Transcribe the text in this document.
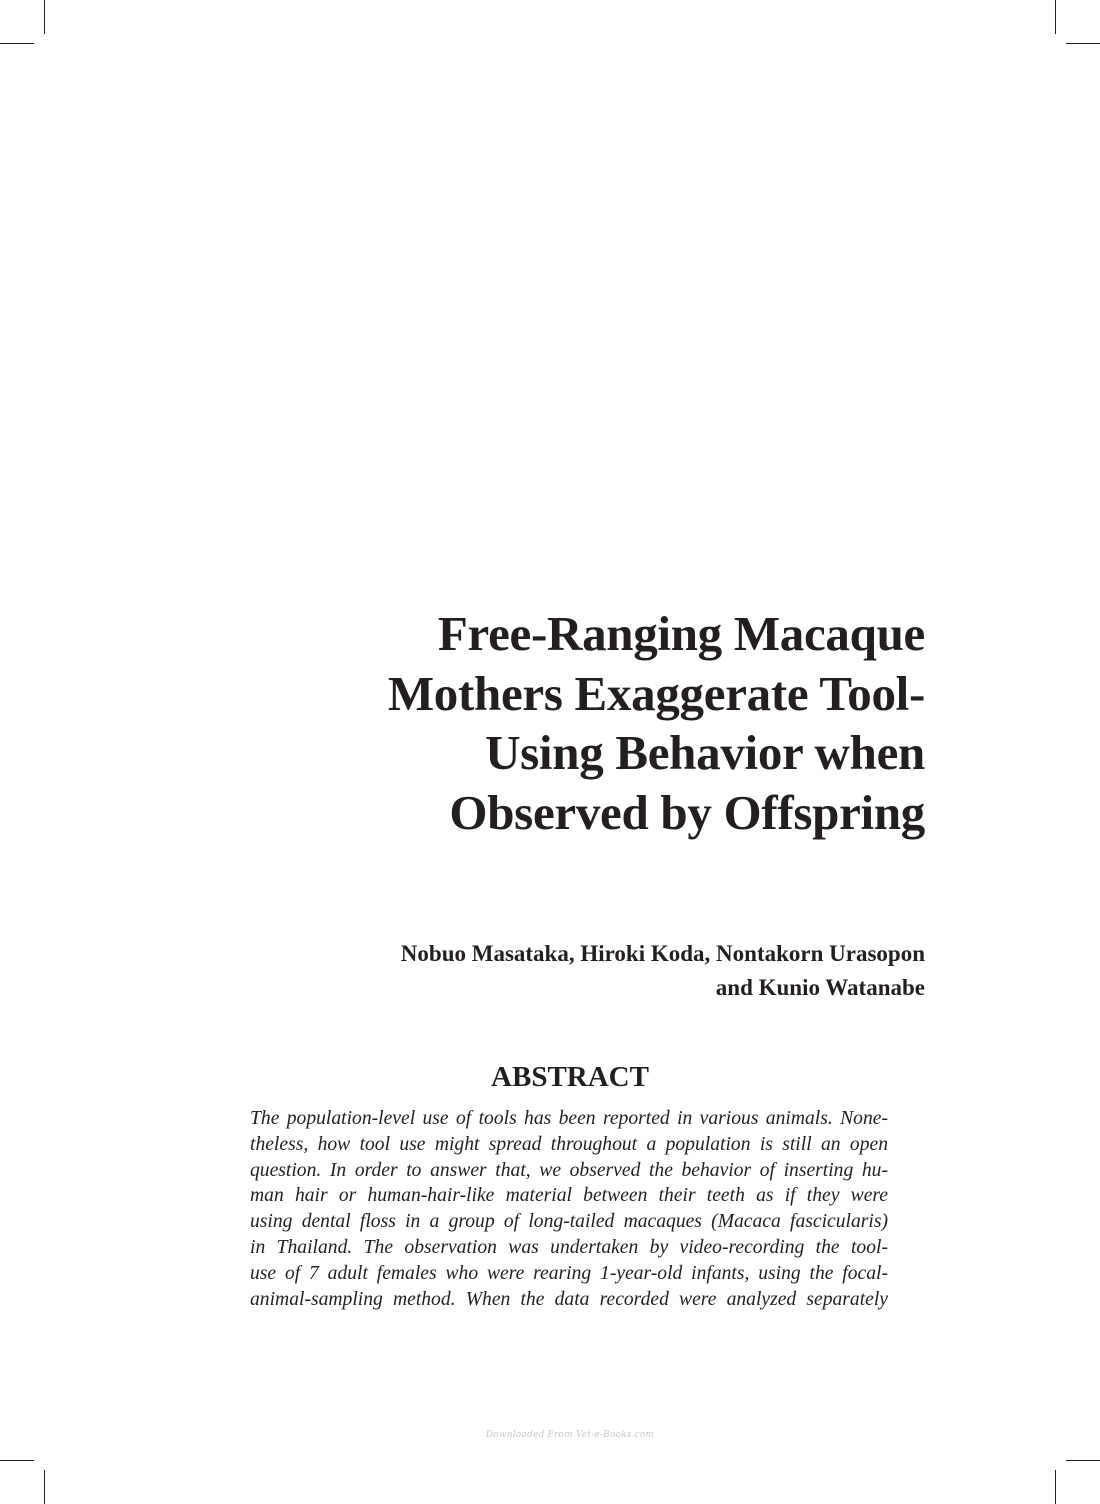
Free-Ranging Macaque
Mothers Exaggerate Tool-
Using Behavior when
Observed by Offspring

Nobuo Masataka, Hiroki Koda, Nontakorn Urasopon
and Kunio Watanabe

ABSTRACT

The population-level use of tools has been reported in various animals. None-
theless, how tool use might spread throughout a population is still an open
question. In order to answer that, we observed the behavior of inserting hu-
man hair or human-hair-like material between their teeth as if they were
using dental floss in a group of long-tailed macaques (Macaca fascicularis)
in Thailand. The observation was undertaken by video-recording the tool-
use of 7 adult females who were rearing 1-year-old infants, using the focal-
animal-sampling method. When the data recorded were analyzed separately

Downloaded From Vet-e-Books.com
